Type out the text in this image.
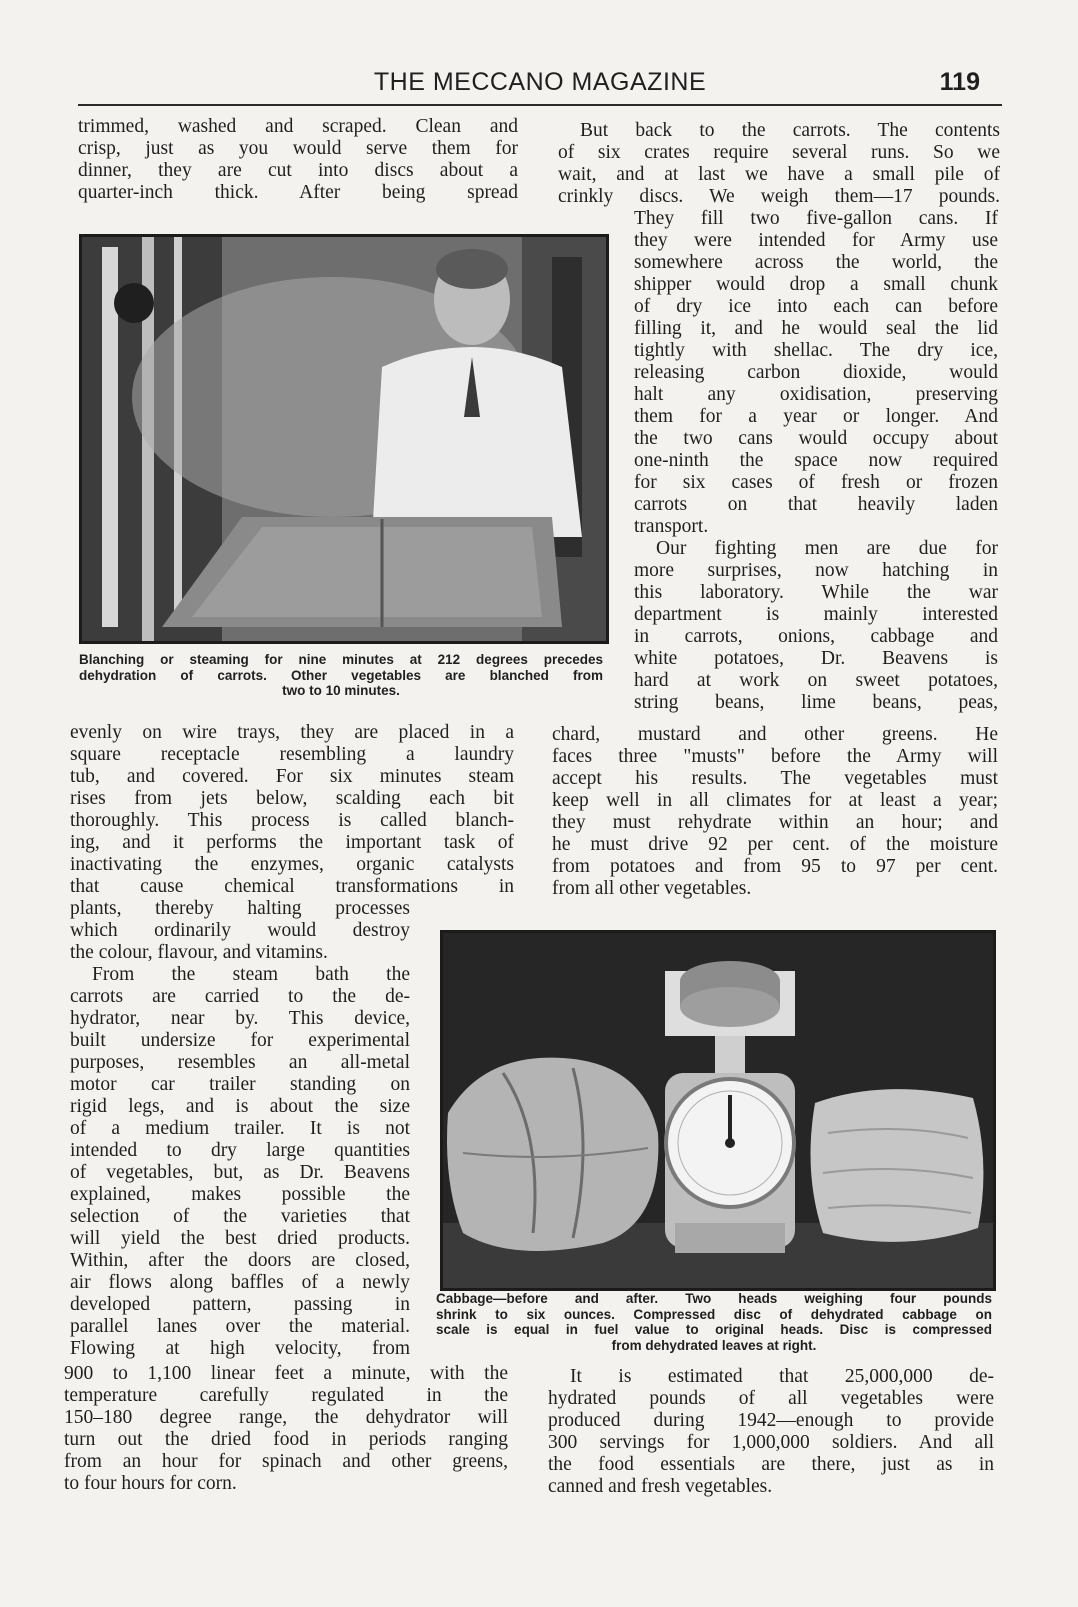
THE MECCANO MAGAZINE	119
trimmed, washed and scraped. Clean and
crisp, just as you would serve them for
dinner, they are cut into discs about a
quarter-inch thick. After being spread
Blanching or steaming for nine minutes at 212 degrees precedes
dehydration of carrots. Other vegetables are blanched from
two to 10 minutes.
evenly on wire trays, they are placed in a
square receptacle resembling a laundry
tub, and covered. For six minutes steam
rises from jets below, scalding each bit
thoroughly. This process is called blanch-
ing, and it performs the important task of
inactivating the enzymes, organic catalysts
that cause chemical transformations in
plants, thereby halting processes
which ordinarily would destroy
the colour, flavour, and vitamins.
From the steam bath the
carrots are carried to the de-
hydrator, near by. This device,
built undersize for experimental
purposes, resembles an all-metal
motor car trailer standing on
rigid legs, and is about the size
of a medium trailer. It is not
intended to dry large quantities
of vegetables, but, as Dr. Beavens
explained, makes possible the
selection of the varieties that
will yield the best dried products.
Within, after the doors are closed,
air flows along baffles of a newly
developed pattern, passing in
parallel lanes over the material.
Flowing at high velocity, from
900 to 1,100 linear feet a minute, with the
temperature carefully regulated in the
150–180 degree range, the dehydrator will
turn out the dried food in periods ranging
from an hour for spinach and other greens,
to four hours for corn.
But back to the carrots. The contents
of six crates require several runs. So we
wait, and at last we have a small pile of
crinkly discs. We weigh them—17 pounds.
They fill two five-gallon cans. If
they were intended for Army use
somewhere across the world, the
shipper would drop a small chunk
of dry ice into each can before
filling it, and he would seal the lid
tightly with shellac. The dry ice,
releasing carbon dioxide, would
halt any oxidisation, preserving
them for a year or longer. And
the two cans would occupy about
one-ninth the space now required
for six cases of fresh or frozen
carrots on that heavily laden
transport.
Our fighting men are due for
more surprises, now hatching in
this laboratory. While the war
department is mainly interested
in carrots, onions, cabbage and
white potatoes, Dr. Beavens is
hard at work on sweet potatoes,
string beans, lime beans, peas,
chard, mustard and other greens. He
faces three "musts" before the Army will
accept his results. The vegetables must
keep well in all climates for at least a year;
they must rehydrate within an hour; and
he must drive 92 per cent. of the moisture
from potatoes and from 95 to 97 per cent.
from all other vegetables.
Cabbage—before and after. Two heads weighing four pounds
shrink to six ounces. Compressed disc of dehydrated cabbage on
scale is equal in fuel value to original heads. Disc is compressed
from dehydrated leaves at right.
It is estimated that 25,000,000 de-
hydrated pounds of all vegetables were
produced during 1942—enough to provide
300 servings for 1,000,000 soldiers. And all
the food essentials are there, just as in
canned and fresh vegetables.
